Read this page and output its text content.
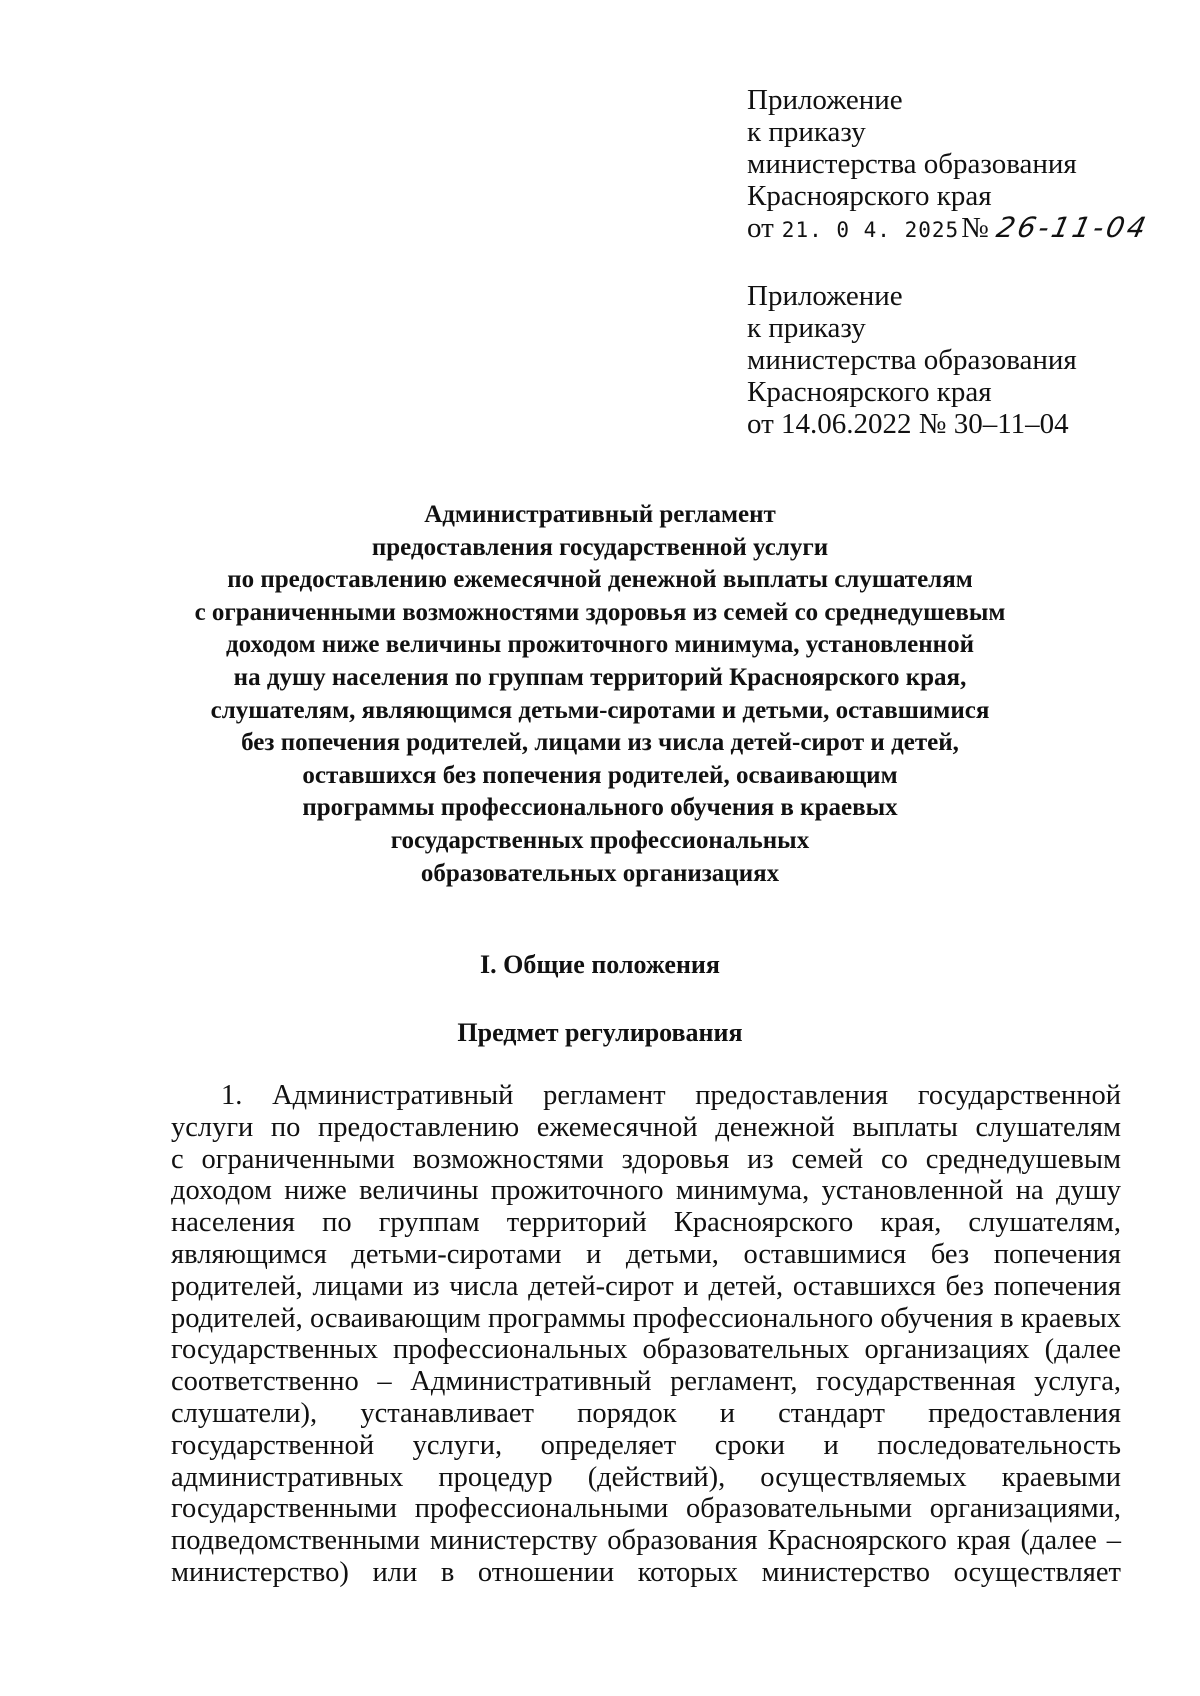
Приложение
к приказу
министерства образования
Красноярского края
от 21. 0 4. 2025 № 26-11-04
Приложение
к приказу
министерства образования
Красноярского края
от 14.06.2022 № 30–11–04
Административный регламент
предоставления государственной услуги
по предоставлению ежемесячной денежной выплаты слушателям
с ограниченными возможностями здоровья из семей со среднедушевым
доходом ниже величины прожиточного минимума, установленной
на душу населения по группам территорий Красноярского края,
слушателям, являющимся детьми-сиротами и детьми, оставшимися
без попечения родителей, лицами из числа детей-сирот и детей,
оставшихся без попечения родителей, осваивающим
программы профессионального обучения в краевых
государственных профессиональных
образовательных организациях
I. Общие положения
Предмет регулирования
1. Административный регламент предоставления государственной
услуги по предоставлению ежемесячной денежной выплаты слушателям
с ограниченными возможностями здоровья из семей со среднедушевым
доходом ниже величины прожиточного минимума, установленной на душу
населения по группам территорий Красноярского края, слушателям,
являющимся детьми-сиротами и детьми, оставшимися без попечения
родителей, лицами из числа детей-сирот и детей, оставшихся без попечения
родителей, осваивающим программы профессионального обучения в краевых
государственных профессиональных образовательных организациях (далее
соответственно – Административный регламент, государственная услуга,
слушатели), устанавливает порядок и стандарт предоставления
государственной услуги, определяет сроки и последовательность
административных процедур (действий), осуществляемых краевыми
государственными профессиональными образовательными организациями,
подведомственными министерству образования Красноярского края (далее –
министерство) или в отношении которых министерство осуществляет
